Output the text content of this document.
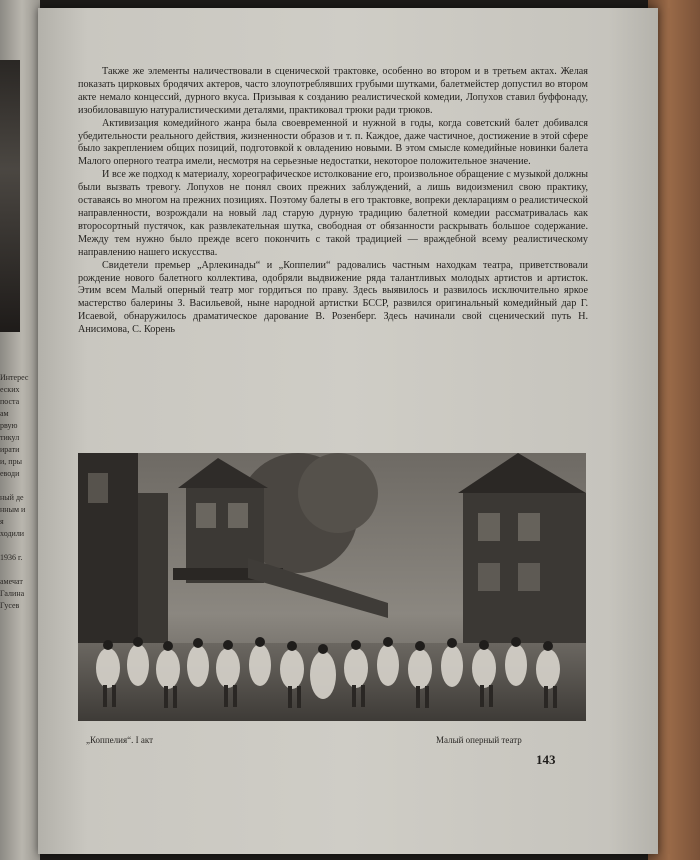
Интерес
еских
поста
ам
рвую
тикул
ирати
и, пры
еводи
ный де
нным и
я
ходили
1936 г.
амечат
Галина
Гусев

Также же элементы наличествовали в сценической трактовке, особенно во втором и в третьем актах. Желая показать цирковых бродячих актеров, часто злоупотреблявших грубыми шутками, балетмейстер допустил во втором акте немало концессий, дурного вкуса. Призывая к созданию реалистической комедии, Лопухов ставил буффонаду, изобиловавшую натуралистическими деталями, практиковал трюки ради трюков.

Активизация комедийного жанра была своевременной и нужной в годы, когда советский балет добивался убедительности реального действия, жизненности образов и т. п. Каждое, даже частичное, достижение в этой сфере было закреплением общих позиций, подготовкой к овладению новыми. В этом смысле комедийные новинки балета Малого оперного театра имели, несмотря на серьезные недостатки, некоторое положительное значение.

И все же подход к материалу, хореографическое истолкование его, произвольное обращение с музыкой должны были вызвать тревогу. Лопухов не понял своих прежних заблуждений, а лишь видоизменил свою практику, оставаясь во многом на прежних позициях. Поэтому балеты в его трактовке, вопреки декларациям о реалистической направленности, возрождали на новый лад старую дурную традицию балетной комедии рассматривалась как второсортный пустячок, как развлекательная шутка, свободная от обязанности раскрывать большое содержание. Между тем нужно было прежде всего покончить с такой традицией — враждебной всему реалистическому направлению нашего искусства.

Свидетели премьер „Арлекинады“ и „Коппелии“ радовались частным находкам театра, приветствовали рождение нового балетного коллектива, одобряли выдвижение ряда талантливых молодых артистов и артисток. Этим всем Малый оперный театр мог гордиться по праву. Здесь выявилось и развилось исключительно яркое мастерство балерины З. Васильевой, ныне народной артистки БССР, развился оригинальный комедийный дар Г. Исаевой, обнаружилось драматическое дарование В. Розенберг. Здесь начинали свой сценический путь Н. Анисимова, С. Корень

„Коппелия“. I акт	Малый оперный театр
143
